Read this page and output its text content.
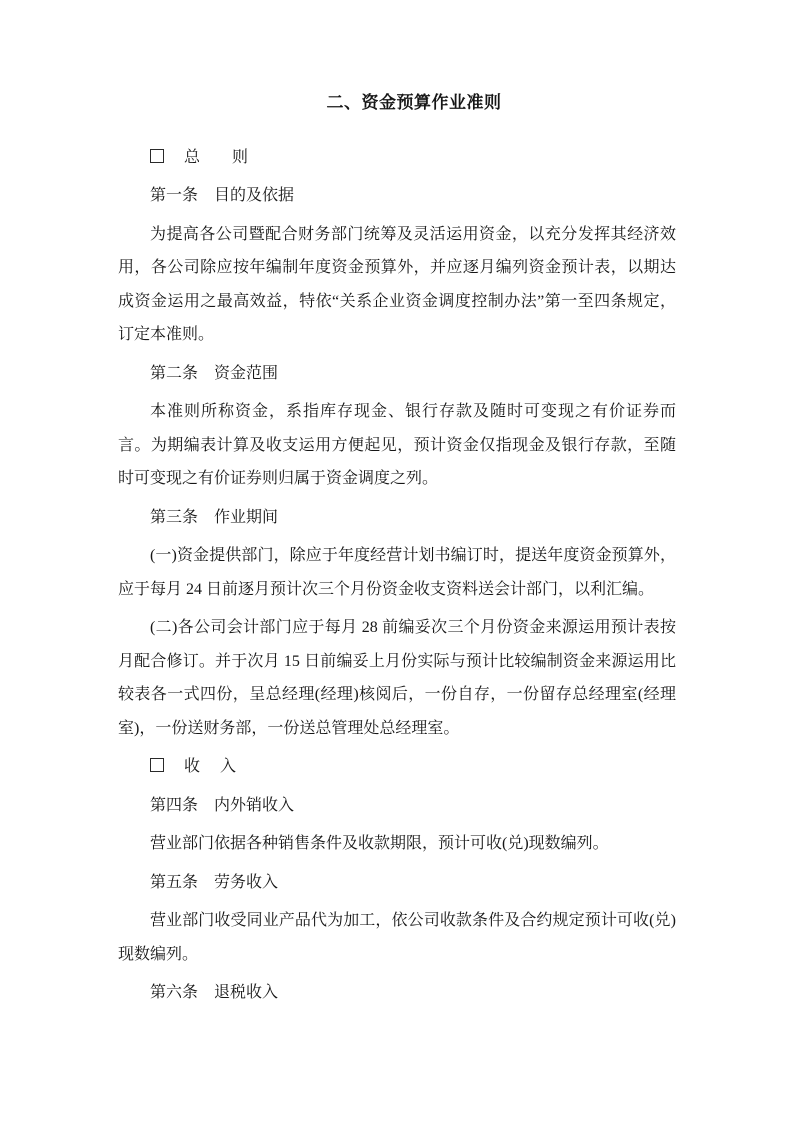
二、资金预算作业准则

总 则

第一条 目的及依据

为提高各公司暨配合财务部门统筹及灵活运用资金，以充分发挥其经济效用，各公司除应按年编制年度资金预算外，并应逐月编列资金预计表，以期达成资金运用之最高效益，特依“关系企业资金调度控制办法”第一至四条规定，订定本准则。

第二条 资金范围

本准则所称资金，系指库存现金、银行存款及随时可变现之有价证券而言。为期编表计算及收支运用方便起见，预计资金仅指现金及银行存款，至随时可变现之有价证券则归属于资金调度之列。

第三条 作业期间

(一)资金提供部门，除应于年度经营计划书编订时，提送年度资金预算外，应于每月 24 日前逐月预计次三个月份资金收支资料送会计部门，以利汇编。

(二)各公司会计部门应于每月 28 前编妥次三个月份资金来源运用预计表按月配合修订。并于次月 15 日前编妥上月份实际与预计比较编制资金来源运用比较表各一式四份，呈总经理(经理)核阅后，一份自存，一份留存总经理室(经理室)，一份送财务部，一份送总管理处总经理室。

收 入

第四条 内外销收入

营业部门依据各种销售条件及收款期限，预计可收(兑)现数编列。

第五条 劳务收入

营业部门收受同业产品代为加工，依公司收款条件及合约规定预计可收(兑)现数编列。

第六条 退税收入
